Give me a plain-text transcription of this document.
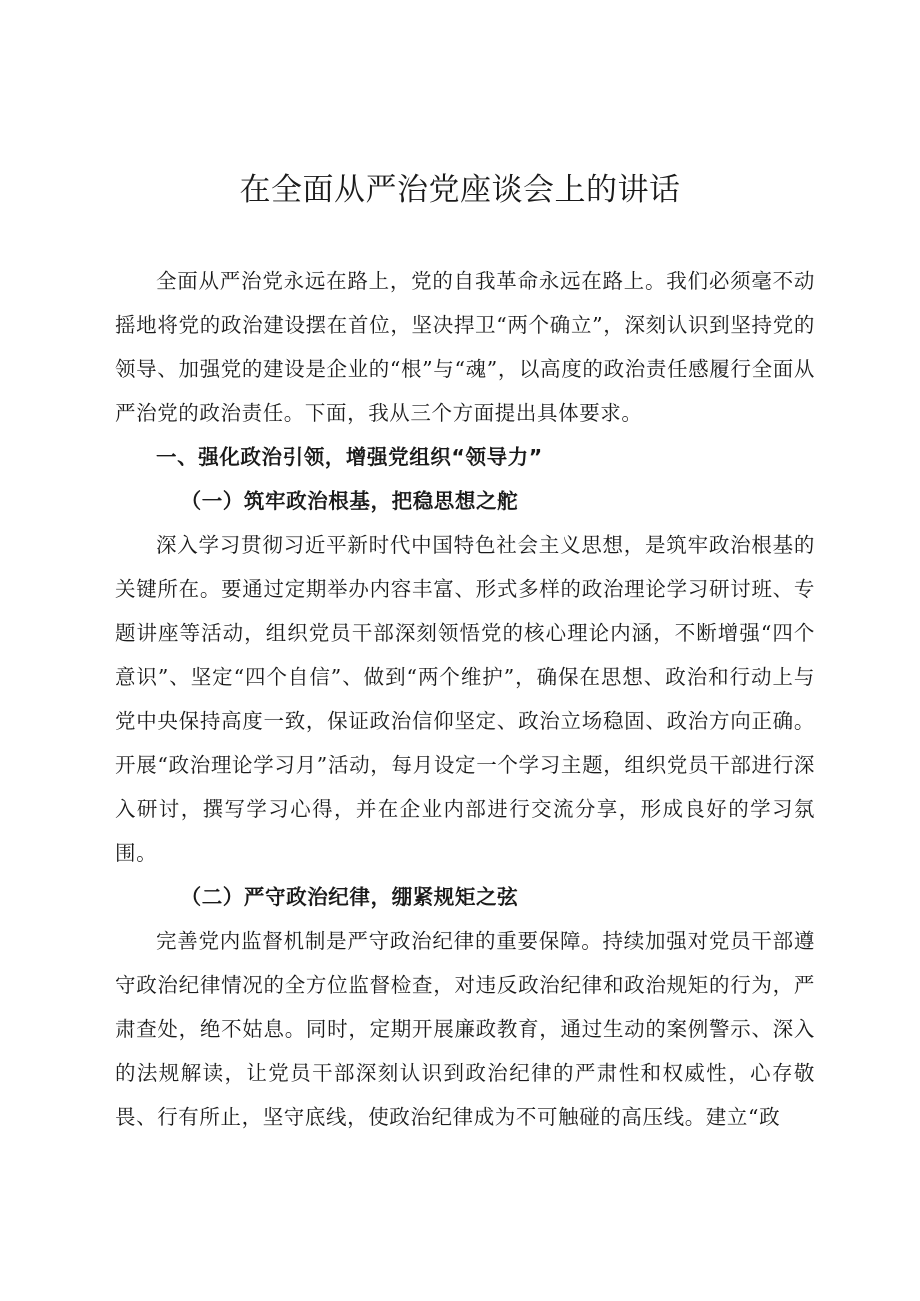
在全面从严治党座谈会上的讲话

全面从严治党永远在路上，党的自我革命永远在路上。我们必须毫不动摇地将党的政治建设摆在首位，坚决捍卫“两个确立”，深刻认识到坚持党的领导、加强党的建设是企业的“根”与“魂”，以高度的政治责任感履行全面从严治党的政治责任。下面，我从三个方面提出具体要求。

一、强化政治引领，增强党组织“领导力”

（一）筑牢政治根基，把稳思想之舵

深入学习贯彻习近平新时代中国特色社会主义思想，是筑牢政治根基的关键所在。要通过定期举办内容丰富、形式多样的政治理论学习研讨班、专题讲座等活动，组织党员干部深刻领悟党的核心理论内涵，不断增强“四个意识”、坚定“四个自信”、做到“两个维护”，确保在思想、政治和行动上与党中央保持高度一致，保证政治信仰坚定、政治立场稳固、政治方向正确。开展“政治理论学习月”活动，每月设定一个学习主题，组织党员干部进行深入研讨，撰写学习心得，并在企业内部进行交流分享，形成良好的学习氛围。

（二）严守政治纪律，绷紧规矩之弦

完善党内监督机制是严守政治纪律的重要保障。持续加强对党员干部遵守政治纪律情况的全方位监督检查，对违反政治纪律和政治规矩的行为，严肃查处，绝不姑息。同时，定期开展廉政教育，通过生动的案例警示、深入的法规解读，让党员干部深刻认识到政治纪律的严肃性和权威性，心存敬畏、行有所止，坚守底线，使政治纪律成为不可触碰的高压线。建立“政
